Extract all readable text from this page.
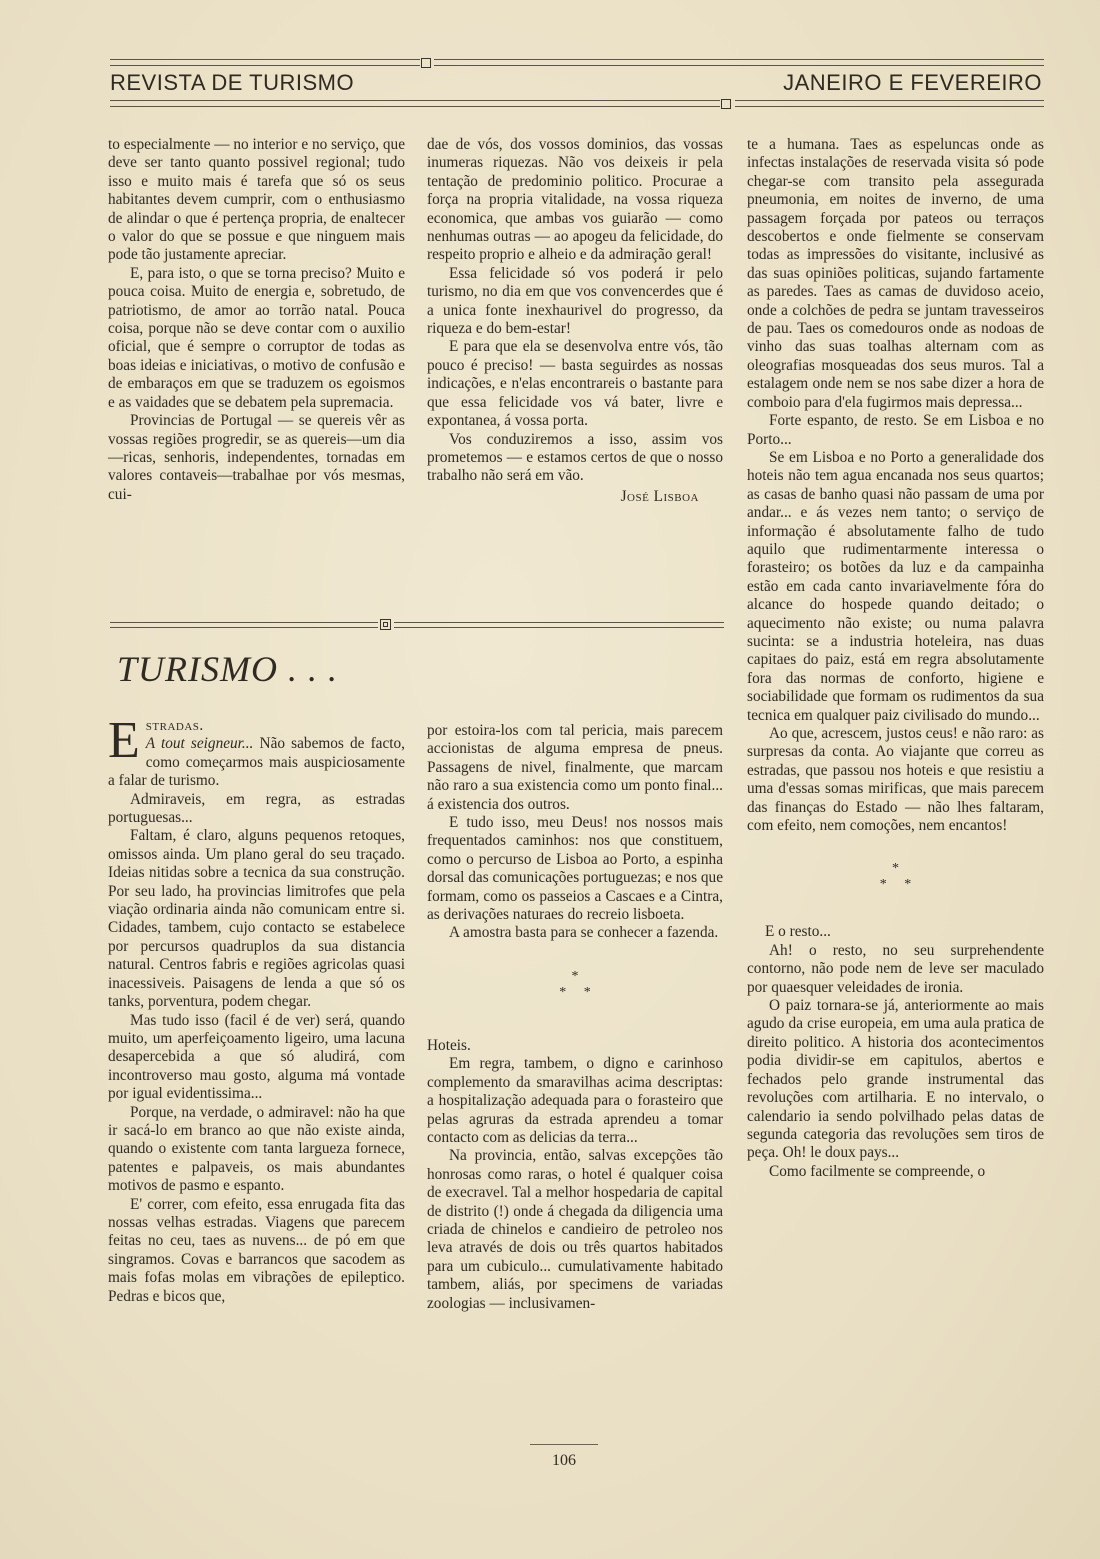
REVISTA DE TURISMO	JANEIRO E FEVEREIRO

to especialmente — no interior e no serviço, que deve ser tanto quanto possivel regional; tudo isso e muito mais é tarefa que só os seus habitantes devem cumprir, com o enthusiasmo de alindar o que é pertença propria, de enaltecer o valor do que se possue e que ninguem mais pode tão justamente apreciar.

E, para isto, o que se torna preciso? Muito e pouca coisa. Muito de energia e, sobretudo, de patriotismo, de amor ao torrão natal. Pouca coisa, porque não se deve contar com o auxilio oficial, que é sempre o corruptor de todas as boas ideias e iniciativas, o motivo de confusão e de embaraços em que se traduzem os egoismos e as vaidades que se debatem pela supremacia.

Provincias de Portugal — se quereis vêr as vossas regiões progredir, se as quereis—um dia—ricas, senhoris, independentes, tornadas em valores contaveis—trabalhae por vós mesmas, cui-

dae de vós, dos vossos dominios, das vossas inumeras riquezas. Não vos deixeis ir pela tentação de predominio politico. Procurae a força na propria vitalidade, na vossa riqueza economica, que ambas vos guiarão — como nenhumas outras — ao apogeu da felicidade, do respeito proprio e alheio e da admiração geral!

Essa felicidade só vos poderá ir pelo turismo, no dia em que vos convencerdes que é a unica fonte inexhaurivel do progresso, da riqueza e do bem-estar!

E para que ela se desenvolva entre vós, tão pouco é preciso! — basta seguirdes as nossas indicações, e n'elas encontrareis o bastante para que essa felicidade vos vá bater, livre e expontanea, á vossa porta.

Vos conduziremos a isso, assim vos prometemos — e estamos certos de que o nosso trabalho não será em vão.

José Lisboa

TURISMO . . .

E stradas.
A tout seigneur... Não sabemos de facto, como começarmos mais auspiciosamente a falar de turismo.

Admiraveis, em regra, as estradas portuguesas...

Faltam, é claro, alguns pequenos retoques, omissos ainda. Um plano geral do seu traçado. Ideias nitidas sobre a tecnica da sua construção. Por seu lado, ha provincias limitrofes que pela viação ordinaria ainda não comunicam entre si. Cidades, tambem, cujo contacto se estabelece por percursos quadruplos da sua distancia natural. Centros fabris e regiões agricolas quasi inacessiveis. Paisagens de lenda a que só os tanks, porventura, podem chegar.

Mas tudo isso (facil é de ver) será, quando muito, um aperfeiçoamento ligeiro, uma lacuna desapercebida a que só aludirá, com incontroverso mau gosto, alguma má vontade por igual evidentissima...

Porque, na verdade, o admiravel: não ha que ir sacá-lo em branco ao que não existe ainda, quando o existente com tanta largueza fornece, patentes e palpaveis, os mais abundantes motivos de pasmo e espanto.

E' correr, com efeito, essa enrugada fita das nossas velhas estradas. Viagens que parecem feitas no ceu, taes as nuvens... de pó em que singramos. Covas e barrancos que sacodem as mais fofas molas em vibrações de epileptico. Pedras e bicos que,

por estoira-los com tal pericia, mais parecem accionistas de alguma empresa de pneus. Passagens de nivel, finalmente, que marcam não raro a sua existencia como um ponto final... á existencia dos outros.

E tudo isso, meu Deus! nos nossos mais frequentados caminhos: nos que constituem, como o percurso de Lisboa ao Porto, a espinha dorsal das comunicações portuguezas; e nos que formam, como os passeios a Cascaes e a Cintra, as derivações naturaes do recreio lisboeta.

A amostra basta para se conhecer a fazenda.

*
*     *

Hoteis.

Em regra, tambem, o digno e carinhoso complemento da smaravilhas acima descriptas: a hospitalização adequada para o forasteiro que pelas agruras da estrada aprendeu a tomar contacto com as delicias da terra...

Na provincia, então, salvas excepções tão honrosas como raras, o hotel é qualquer coisa de execravel. Tal a melhor hospedaria de capital de distrito (!) onde á chegada da diligencia uma criada de chinelos e candieiro de petroleo nos leva através de dois ou três quartos habitados para um cubiculo... cumulativamente habitado tambem, aliás, por specimens de variadas zoologias — inclusivamen-

te a humana. Taes as espeluncas onde as infectas instalações de reservada visita só pode chegar-se com transito pela assegurada pneumonia, em noites de inverno, de uma passagem forçada por pateos ou terraços descobertos e onde fielmente se conservam todas as impressões do visitante, inclusivé as das suas opiniões politicas, sujando fartamente as paredes. Taes as camas de duvidoso aceio, onde a colchões de pedra se juntam travesseiros de pau. Taes os comedouros onde as nodoas de vinho das suas toalhas alternam com as oleografias mosqueadas dos seus muros. Tal a estalagem onde nem se nos sabe dizer a hora de comboio para d'ela fugirmos mais depressa...

Forte espanto, de resto. Se em Lisboa e no Porto...

Se em Lisboa e no Porto a generalidade dos hoteis não tem agua encanada nos seus quartos; as casas de banho quasi não passam de uma por andar... e ás vezes nem tanto; o serviço de informação é absolutamente falho de tudo aquilo que rudimentarmente interessa o forasteiro; os botões da luz e da campainha estão em cada canto invariavelmente fóra do alcance do hospede quando deitado; o aquecimento não existe; ou numa palavra sucinta: se a industria hoteleira, nas duas capitaes do paiz, está em regra absolutamente fora das normas de conforto, higiene e sociabilidade que formam os rudimentos da sua tecnica em qualquer paiz civilisado do mundo...

Ao que, acrescem, justos ceus! e não raro: as surpresas da conta. Ao viajante que correu as estradas, que passou nos hoteis e que resistiu a uma d'essas somas mirificas, que mais parecem das finanças do Estado — não lhes faltaram, com efeito, nem comoções, nem encantos!

*
*     *

E o resto...

Ah! o resto, no seu surprehendente contorno, não pode nem de leve ser maculado por quaesquer veleidades de ironia.

O paiz tornara-se já, anteriormente ao mais agudo da crise europeia, em uma aula pratica de direito politico. A historia dos acontecimentos podia dividir-se em capitulos, abertos e fechados pelo grande instrumental das revoluções com artilharia. E no intervalo, o calendario ia sendo polvilhado pelas datas de segunda categoria das revoluções sem tiros de peça. Oh! le doux pays...

Como facilmente se compreende, o

106
